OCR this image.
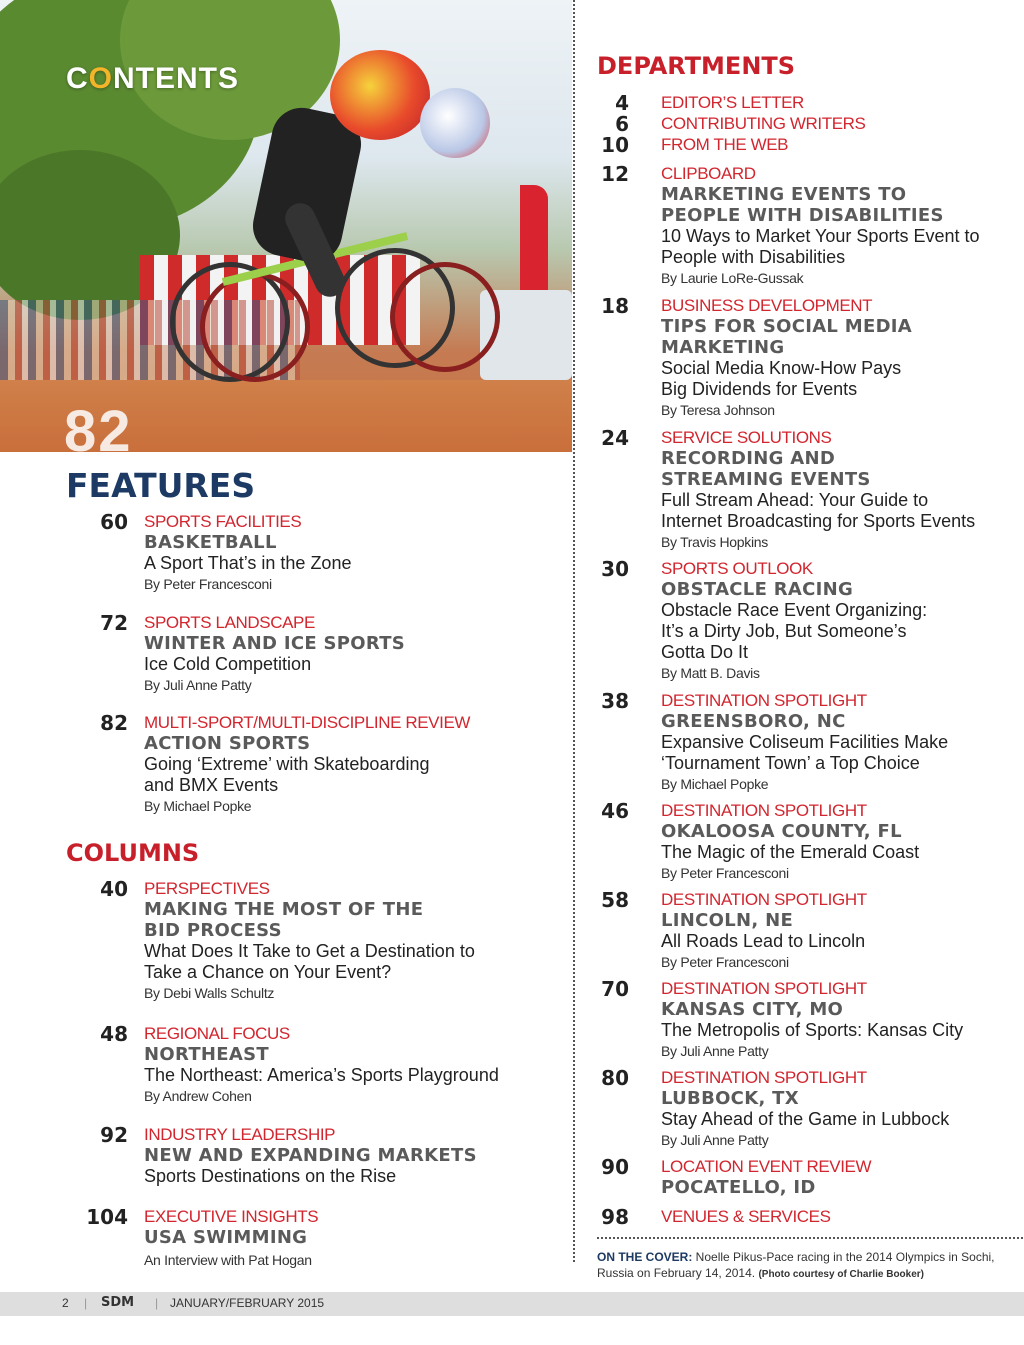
CONTENTS
82
FEATURES
60 SPORTS FACILITIES
BASKETBALL
A Sport That’s in the Zone
By Peter Francesconi
72 SPORTS LANDSCAPE
WINTER AND ICE SPORTS
Ice Cold Competition
By Juli Anne Patty
82 MULTI-SPORT/MULTI-DISCIPLINE REVIEW
ACTION SPORTS
Going ‘Extreme’ with Skateboarding and BMX Events
By Michael Popke
COLUMNS
40 PERSPECTIVES
MAKING THE MOST OF THE BID PROCESS
What Does It Take to Get a Destination to Take a Chance on Your Event?
By Debi Walls Schultz
48 REGIONAL FOCUS
NORTHEAST
The Northeast: America’s Sports Playground
By Andrew Cohen
92 INDUSTRY LEADERSHIP
NEW AND EXPANDING MARKETS
Sports Destinations on the Rise
104 EXECUTIVE INSIGHTS
USA SWIMMING
An Interview with Pat Hogan
DEPARTMENTS
4 EDITOR’S LETTER
6 CONTRIBUTING WRITERS
10 FROM THE WEB
12 CLIPBOARD
MARKETING EVENTS TO PEOPLE WITH DISABILITIES
10 Ways to Market Your Sports Event to People with Disabilities
By Laurie LoRe-Gussak
18 BUSINESS DEVELOPMENT
TIPS FOR SOCIAL MEDIA MARKETING
Social Media Know-How Pays Big Dividends for Events
By Teresa Johnson
24 SERVICE SOLUTIONS
RECORDING AND STREAMING EVENTS
Full Stream Ahead: Your Guide to Internet Broadcasting for Sports Events
By Travis Hopkins
30 SPORTS OUTLOOK
OBSTACLE RACING
Obstacle Race Event Organizing: It’s a Dirty Job, But Someone’s Gotta Do It
By Matt B. Davis
38 DESTINATION SPOTLIGHT
GREENSBORO, NC
Expansive Coliseum Facilities Make ‘Tournament Town’ a Top Choice
By Michael Popke
46 DESTINATION SPOTLIGHT
OKALOOSA COUNTY, FL
The Magic of the Emerald Coast
By Peter Francesconi
58 DESTINATION SPOTLIGHT
LINCOLN, NE
All Roads Lead to Lincoln
By Peter Francesconi
70 DESTINATION SPOTLIGHT
KANSAS CITY, MO
The Metropolis of Sports: Kansas City
By Juli Anne Patty
80 DESTINATION SPOTLIGHT
LUBBOCK, TX
Stay Ahead of the Game in Lubbock
By Juli Anne Patty
90 LOCATION EVENT REVIEW
POCATELLO, ID
98 VENUES & SERVICES
ON THE COVER: Noelle Pikus-Pace racing in the 2014 Olympics in Sochi, Russia on February 14, 2014. (Photo courtesy of Charlie Booker)
2 | SDM | JANUARY/FEBRUARY 2015
